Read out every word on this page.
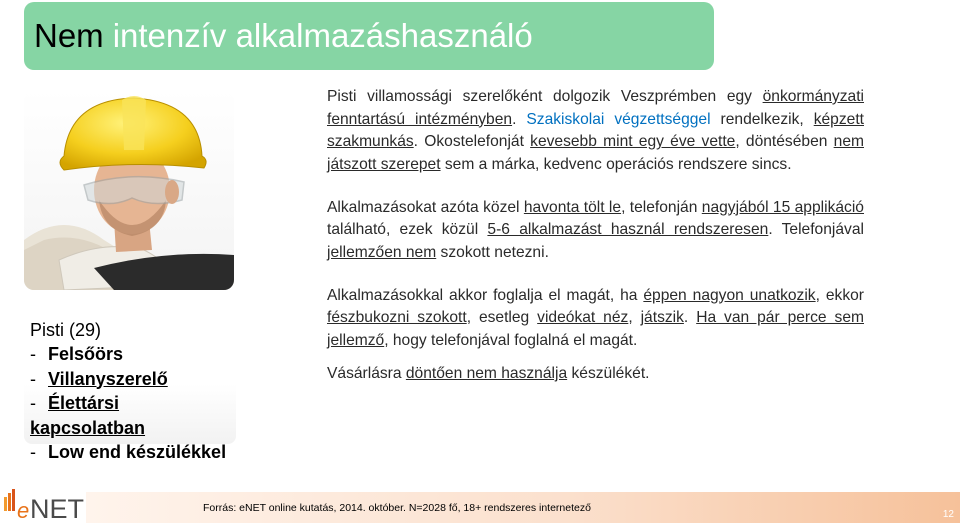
Nem intenzív alkalmazáshasználó
Pisti (29)
- Felsőörs
- Villanyszerelő
- Élettársi kapcsolatban
- Low end készülékkel

Pisti villamossági szerelőként dolgozik Veszprémben egy önkormányzati fenntartású intézményben. Szakiskolai végzettséggel rendelkezik, képzett szakmunkás. Okostelefonját kevesebb mint egy éve vette, döntésében nem játszott szerepet sem a márka, kedvenc operációs rendszere sincs.

Alkalmazásokat azóta közel havonta tölt le, telefonján nagyjából 15 applikáció található, ezek közül 5-6 alkalmazást használ rendszeresen. Telefonjával jellemzően nem szokott netezni.

Alkalmazásokkal akkor foglalja el magát, ha éppen nagyon unatkozik, ekkor fészbukozni szokott, esetleg videókat néz, játszik. Ha van pár perce sem jellemző, hogy telefonjával foglalná el magát.

Vásárlásra döntően nem használja készülékét.

e NET	Forrás: eNET online kutatás, 2014. október. N=2028 fő, 18+ rendszeres internetező
12
